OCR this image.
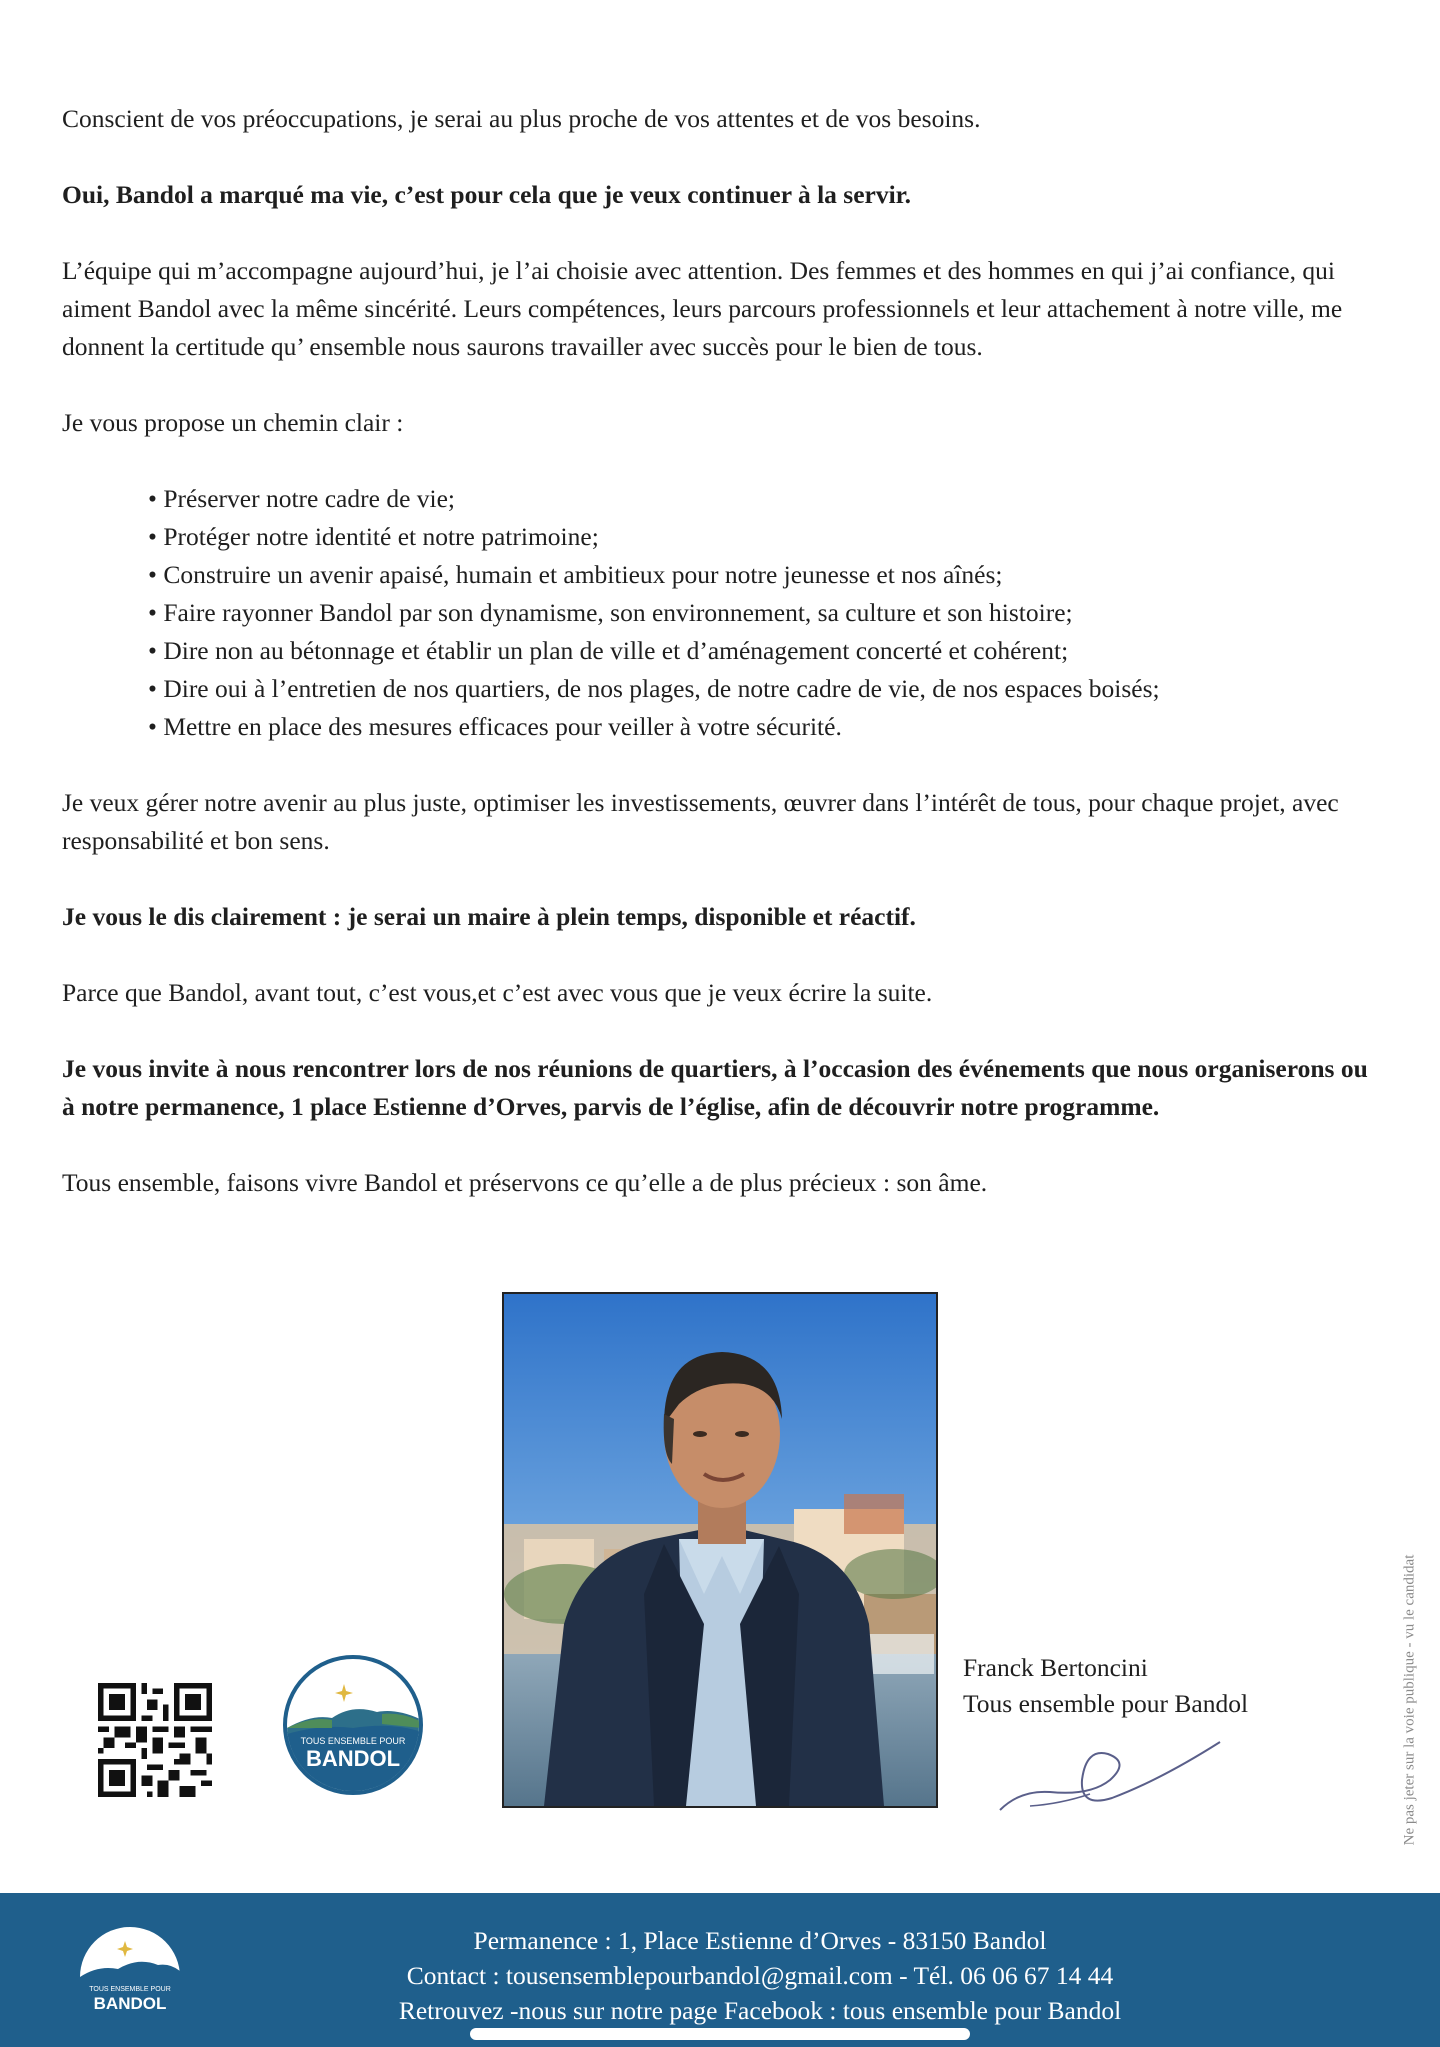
Conscient de vos préoccupations, je serai au plus proche de vos attentes et de vos besoins.

Oui, Bandol a marqué ma vie, c’est pour cela que je veux continuer à la servir.

L’équipe qui m’accompagne aujourd’hui, je l’ai choisie avec attention. Des femmes et des hommes en qui j’ai confiance, qui aiment Bandol avec la même sincérité. Leurs compétences, leurs parcours professionnels et leur attachement à notre ville, me donnent la certitude qu’ ensemble nous saurons travailler avec succès pour le bien de tous.

Je vous propose un chemin clair :

• Préserver notre cadre de vie;
• Protéger notre identité et notre patrimoine;
• Construire un avenir apaisé, humain et ambitieux pour notre jeunesse et nos aînés;
• Faire rayonner Bandol par son dynamisme, son environnement, sa culture et son histoire;
• Dire non au bétonnage et établir un plan de ville et d’aménagement concerté et cohérent;
• Dire oui à l’entretien de nos quartiers, de nos plages, de notre cadre de vie, de nos espaces boisés;
• Mettre en place des mesures efficaces pour veiller à votre sécurité.

Je veux gérer notre avenir au plus juste, optimiser les investissements, œuvrer dans l’intérêt de tous, pour chaque projet, avec responsabilité et bon sens.

Je vous le dis clairement : je serai un maire à plein temps, disponible et réactif.

Parce que Bandol, avant tout, c’est vous,et c’est avec vous que je veux écrire la suite.

Je vous invite à nous rencontrer lors de nos réunions de quartiers, à l’occasion des événements que nous organiserons ou à notre permanence, 1 place Estienne d’Orves, parvis de l’église, afin de découvrir notre programme.

Tous ensemble, faisons vivre Bandol et préservons ce qu’elle a de plus précieux : son âme.

TOUS ENSEMBLE POUR
BANDOL
Franck Bertoncini
Tous ensemble pour Bandol	Ne pas jeter sur la voie publique - vu le candidat
TOUS ENSEMBLE POUR
BANDOL
Permanence : 1, Place Estienne d’Orves - 83150 Bandol
Contact : tousensemblepourbandol@gmail.com - Tél. 06 06 67 14 44
Retrouvez -nous sur notre page Facebook : tous ensemble pour Bandol
